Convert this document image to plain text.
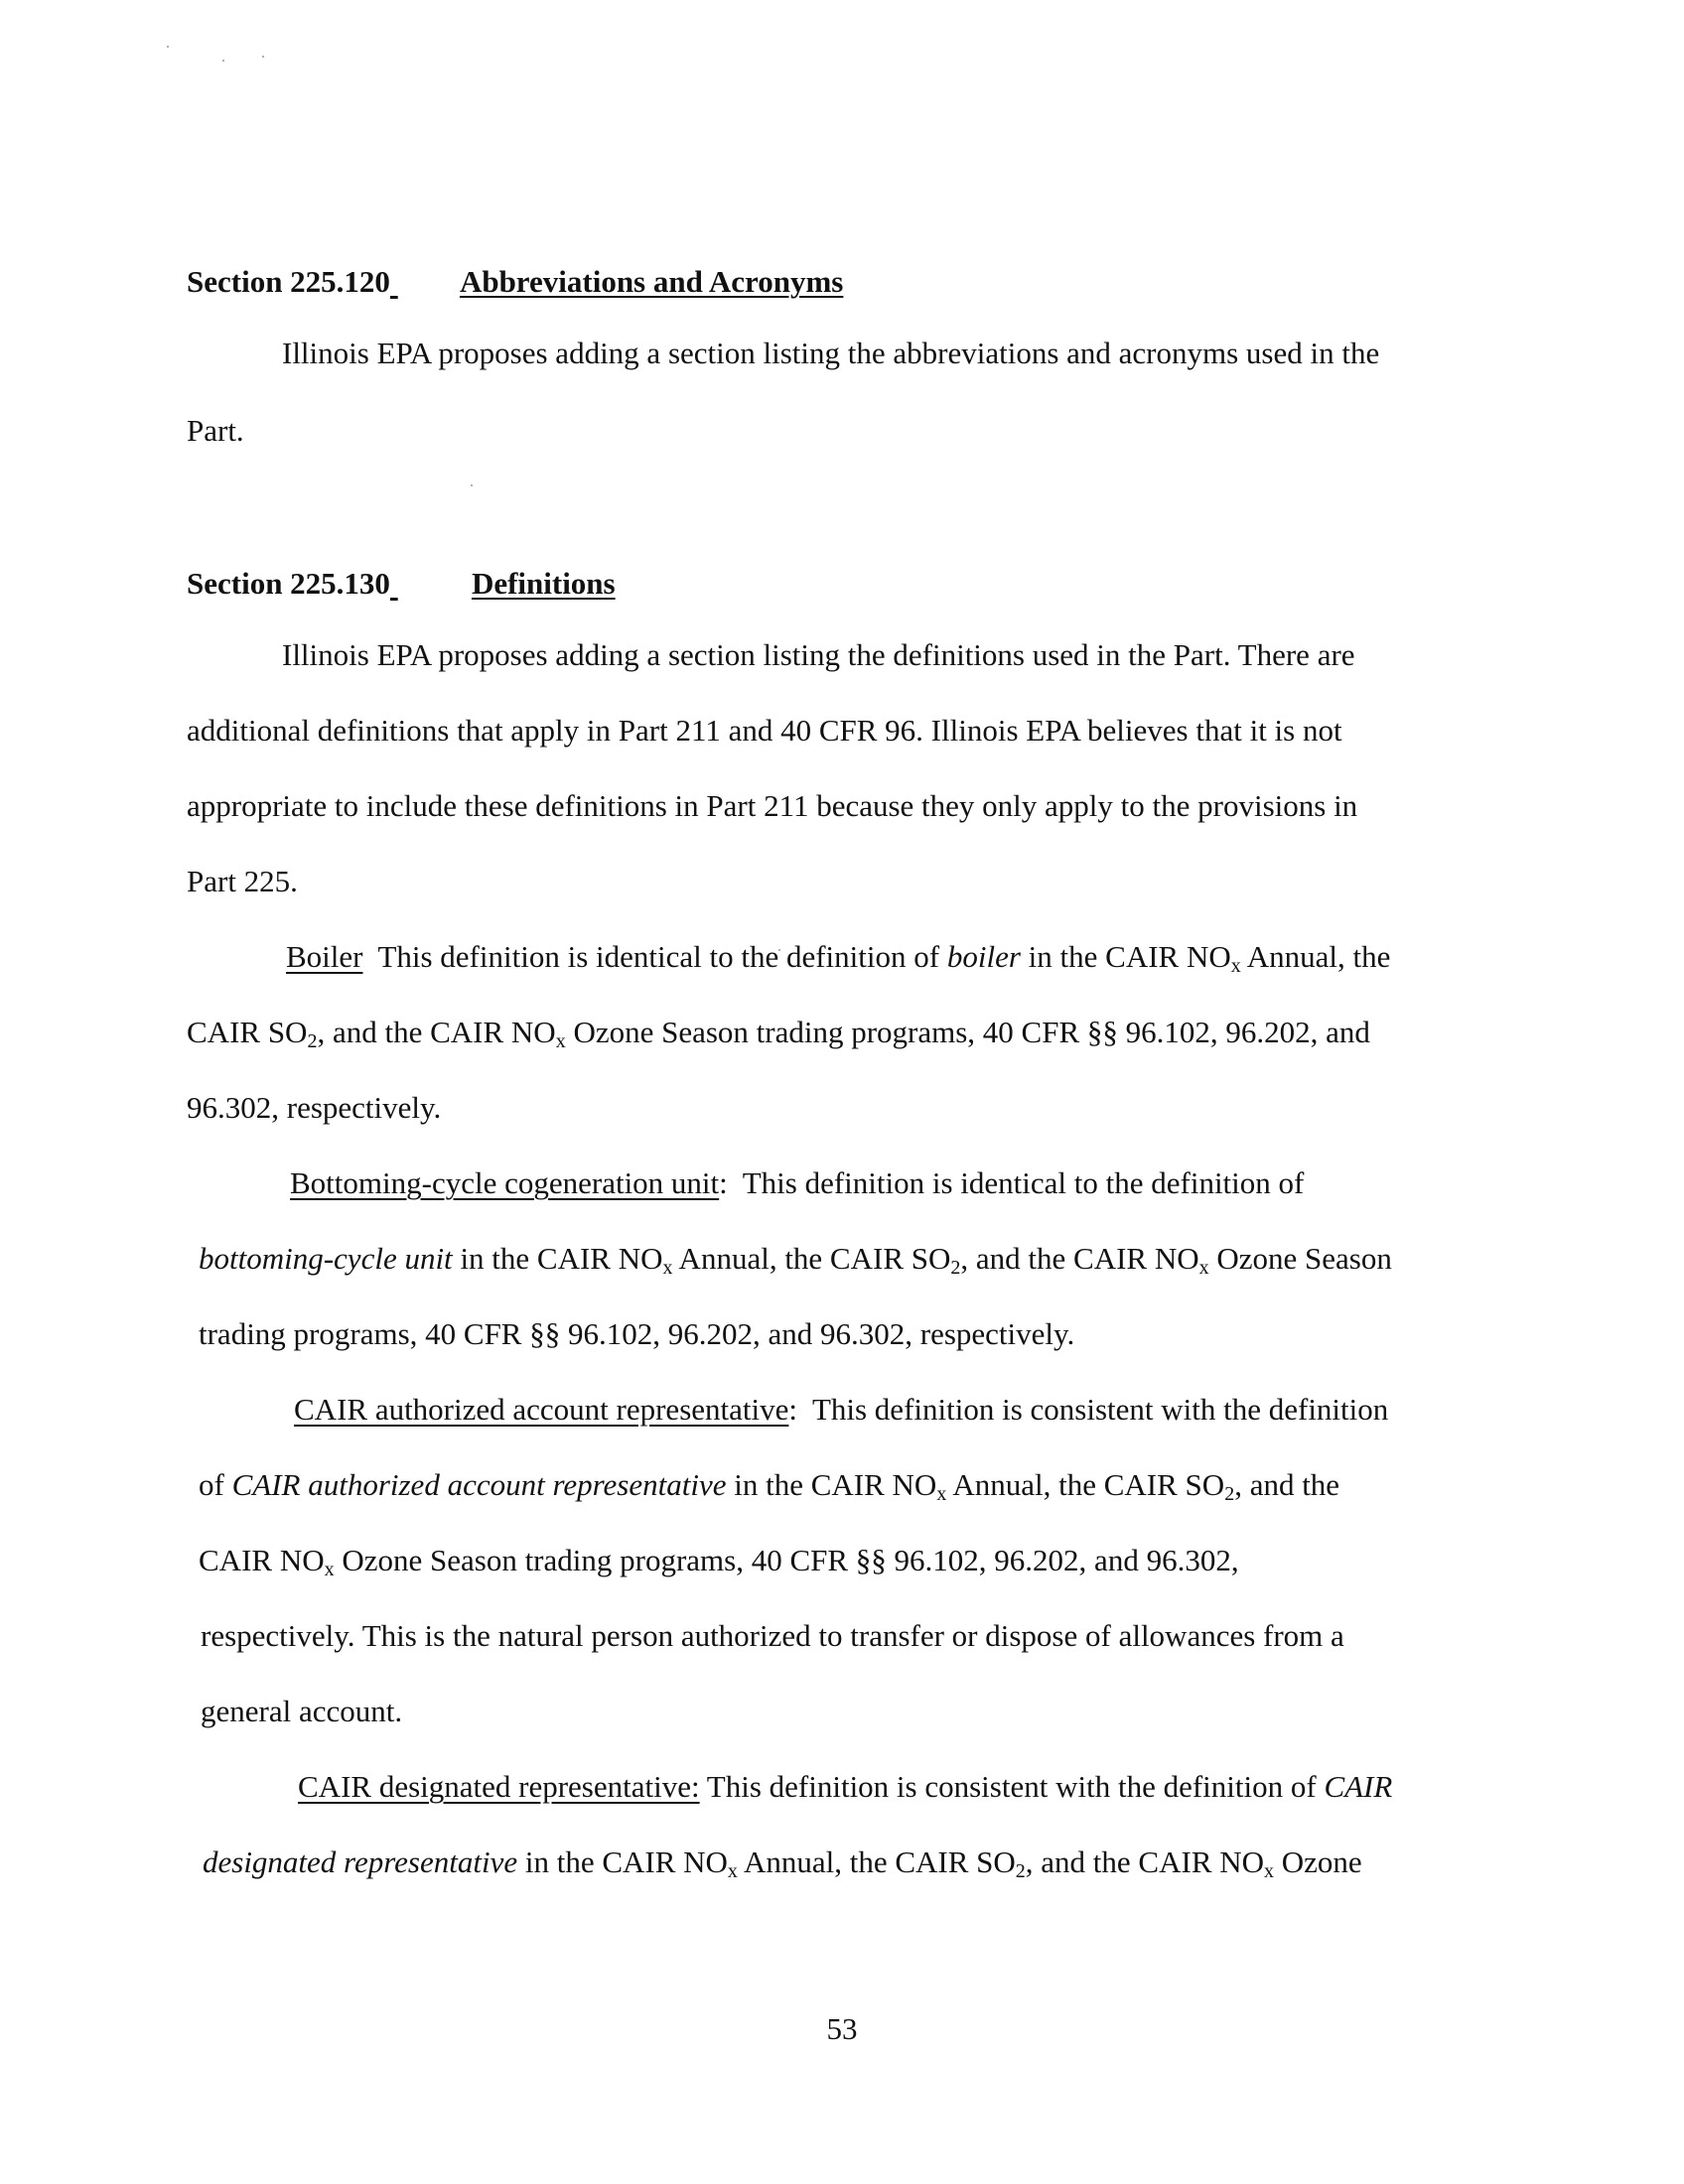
Section 225.120 Abbreviations and Acronyms
Illinois EPA proposes adding a section listing the abbreviations and acronyms used in the
Part.
Section 225.130	Definitions
Illinois EPA proposes adding a section listing the definitions used in the Part. There are
additional definitions that apply in Part 211 and 40 CFR 96. Illinois EPA believes that it is not
appropriate to include these definitions in Part 211 because they only apply to the provisions in
Part 225.
Boiler  This definition is identical to the definition of boiler in the CAIR $NO_x$ Annual, the
CAIR $SO_2$, and the CAIR $NO_x$ Ozone Season trading programs, 40 CFR §§ 96.102, 96.202, and
96.302, respectively.
Bottoming-cycle cogeneration unit:  This definition is identical to the definition of
bottoming-cycle unit in the CAIR $NO_x$ Annual, the CAIR $SO_2$, and the CAIR $NO_x$ Ozone Season
trading programs, 40 CFR §§ 96.102, 96.202, and 96.302, respectively.
CAIR authorized account representative:  This definition is consistent with the definition
of CAIR authorized account representative in the CAIR $NO_x$ Annual, the CAIR $SO_2$, and the
CAIR $NO_x$ Ozone Season trading programs, 40 CFR §§ 96.102, 96.202, and 96.302,
respectively. This is the natural person authorized to transfer or dispose of allowances from a
general account.
CAIR designated representative: This definition is consistent with the definition of CAIR
designated representative in the CAIR $NO_x$ Annual, the CAIR $SO_2$, and the CAIR $NO_x$ Ozone
53
